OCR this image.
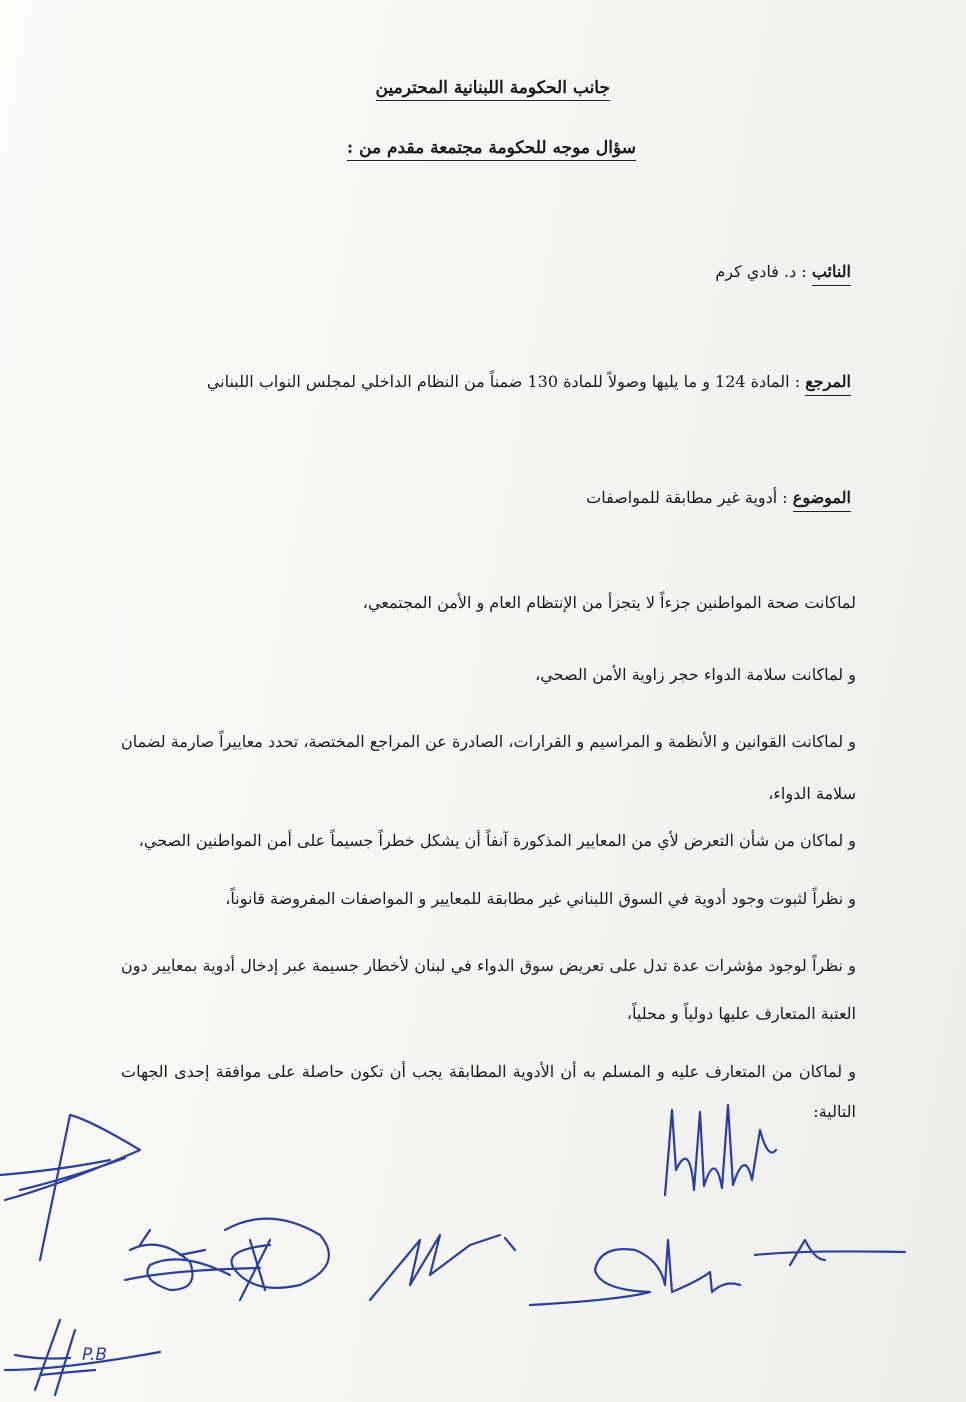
جانب الحكومة اللبنانية المحترمين
سؤال موجه للحكومة مجتمعة مقدم من :
النائب : د. فادي كرم
المرجع : المادة 124 و ما يليها وصولاً للمادة 130 ضمناً من النظام الداخلي لمجلس النواب اللبناني
الموضوع : أدوية غير مطابقة للمواصفات

لماكانت صحة المواطنين جزءاً لا يتجزأ من الإنتظام العام و الأمن المجتمعي،

و لماكانت سلامة الدواء حجر زاوية الأمن الصحي،

و لماكانت القوانين و الأنظمة و المراسيم و القرارات، الصادرة عن المراجع المختصة، تحدد معاييراً صارمة لضمان سلامة الدواء،

و لماكان من شأن التعرض لأي من المعايير المذكورة آنفاً أن يشكل خطراً جسيماً على أمن المواطنين الصحي،

و نظراً لثبوت وجود أدوية في السوق اللبناني غير مطابقة للمعايير و المواصفات المفروضة قانوناً،

و نظراً لوجود مؤشرات عدة تدل على تعريض سوق الدواء في لبنان لأخطار جسيمة عبر إدخال أدوية بمعايير دون العتبة المتعارف عليها دولياً و محلياً،

و لماكان من المتعارف عليه و المسلم به أن الأدوية المطابقة يجب أن تكون حاصلة على موافقة إحدى الجهات التالية:

P.B
